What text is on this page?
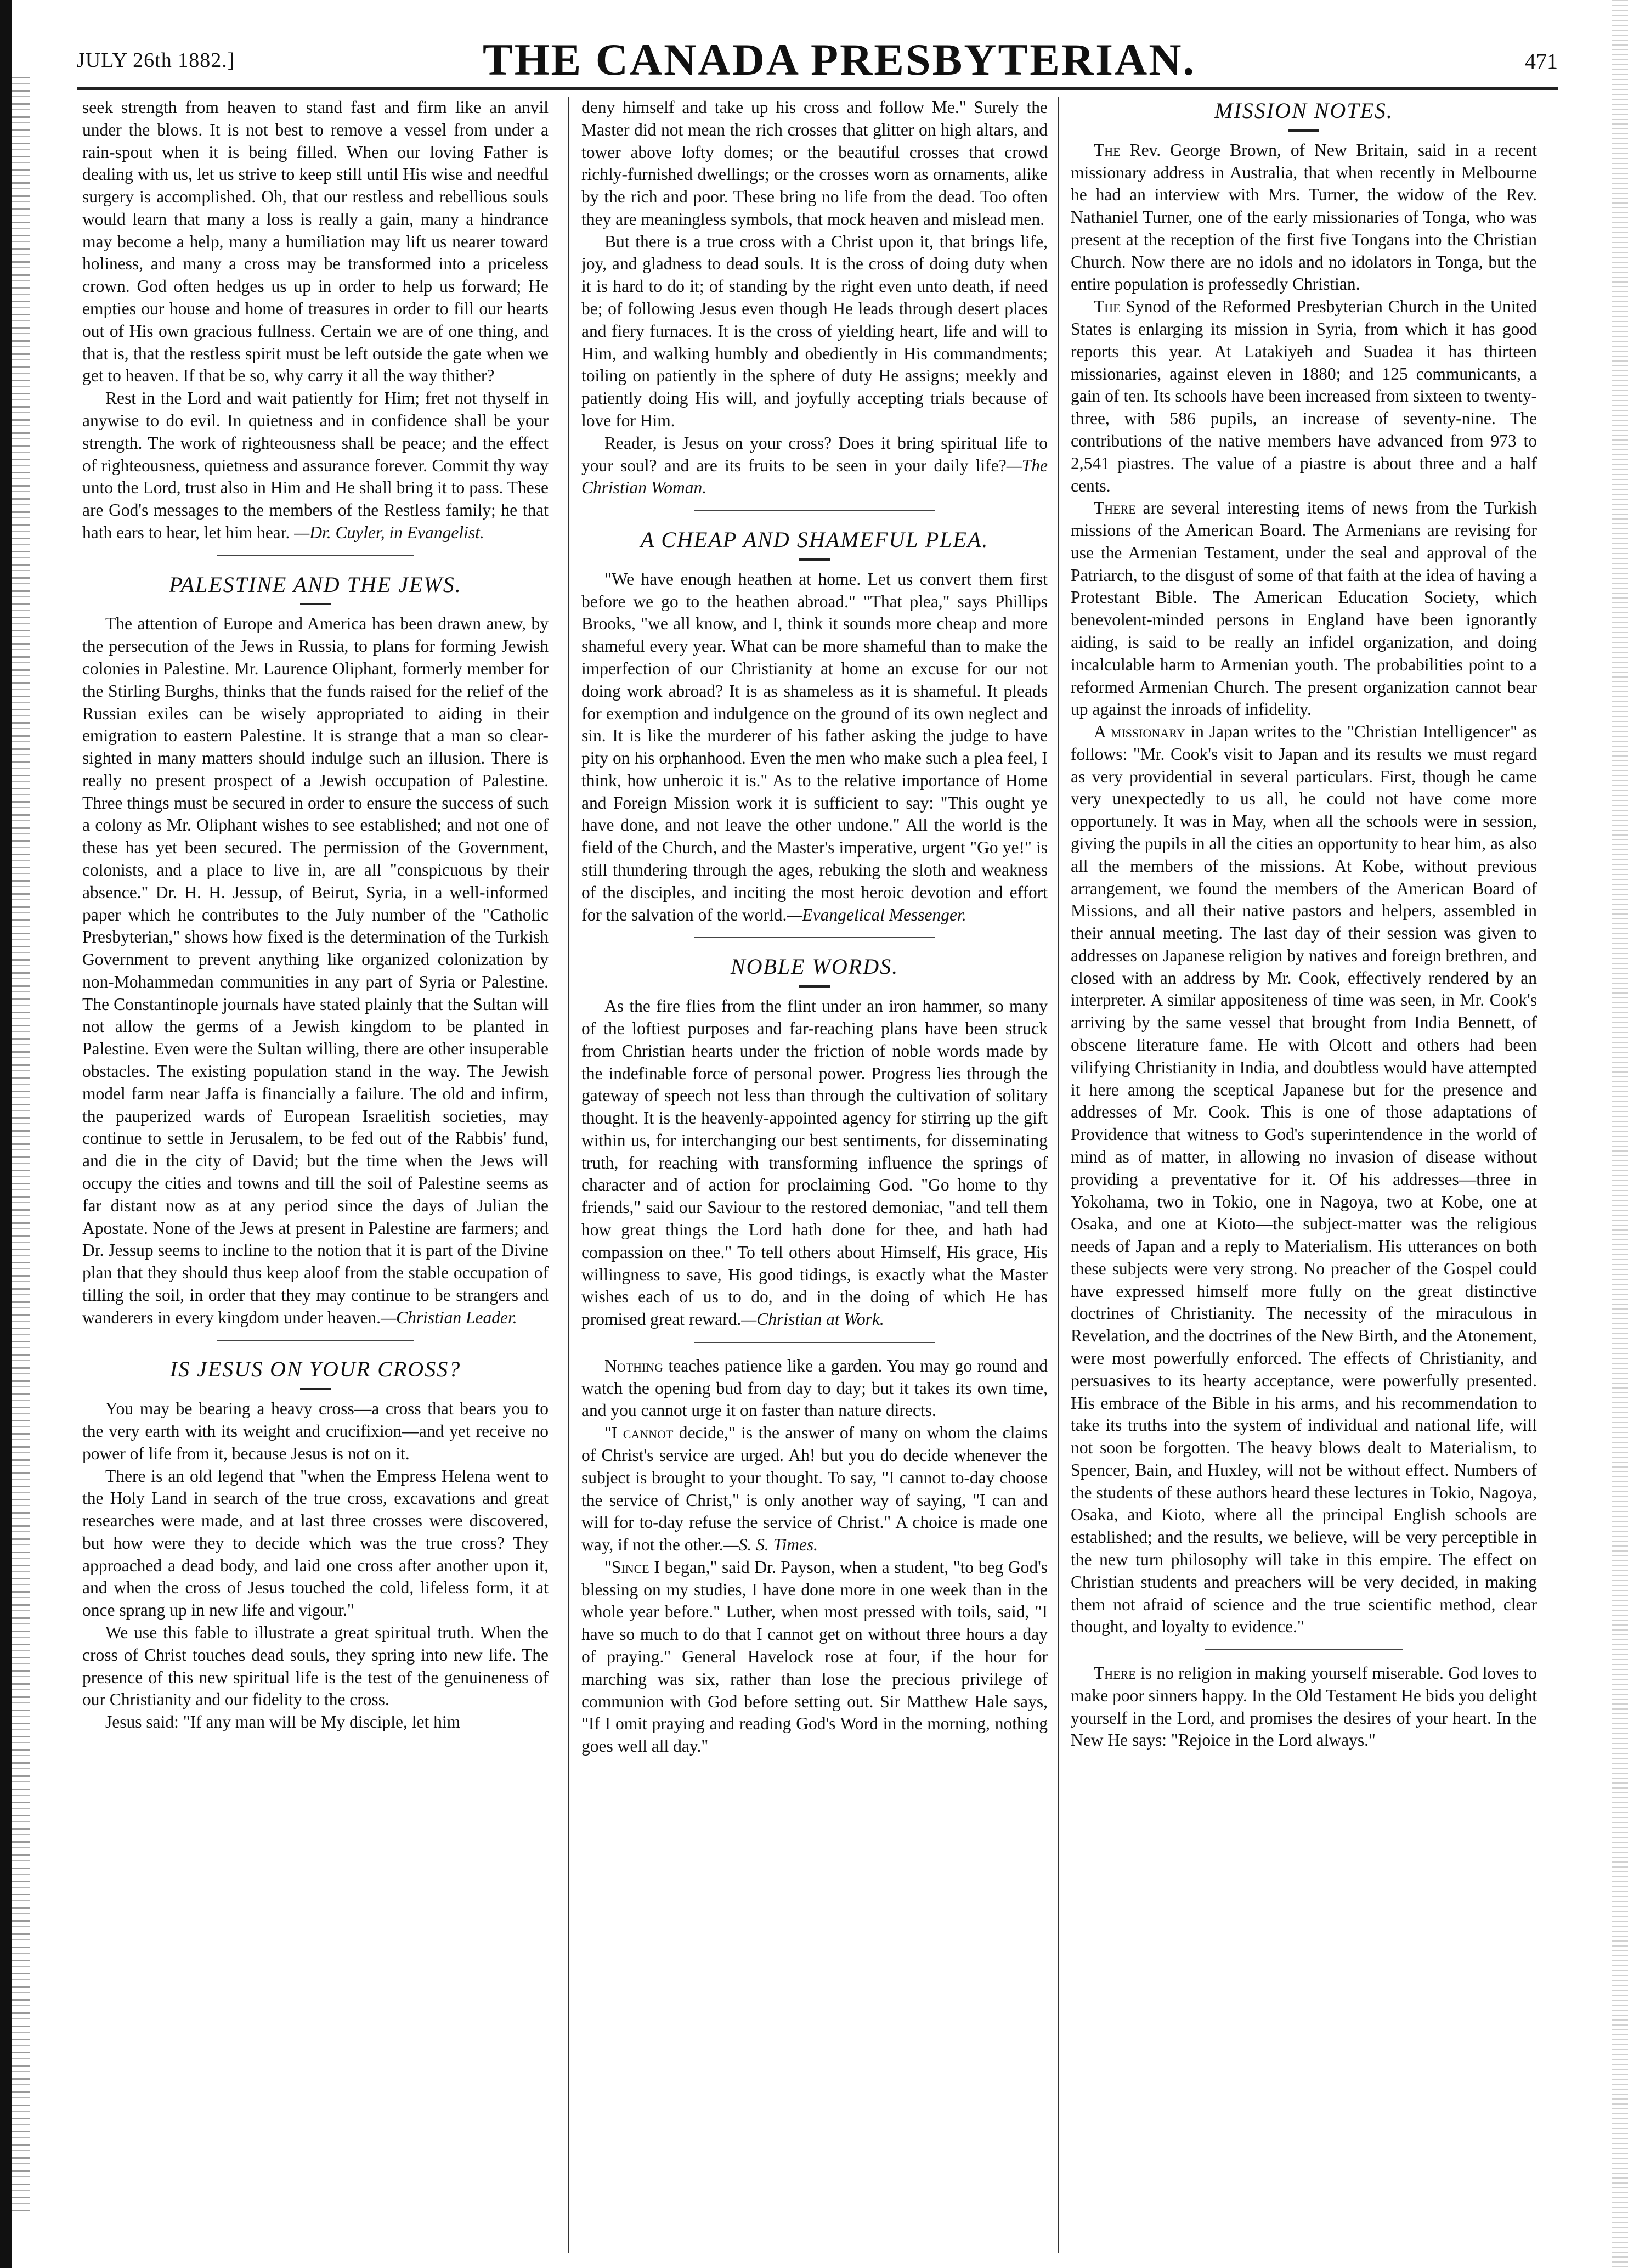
JULY 26th 1882.]	THE CANADA PRESBYTERIAN.	471

seek strength from heaven to stand fast and firm like an anvil under the blows. It is not best to remove a vessel from under a rain-spout when it is being filled. When our loving Father is dealing with us, let us strive to keep still until His wise and needful surgery is accomplished. Oh, that our restless and rebellious souls would learn that many a loss is really a gain, many a hindrance may become a help, many a humiliation may lift us nearer toward holiness, and many a cross may be transformed into a priceless crown. God often hedges us up in order to help us forward; He empties our house and home of treasures in order to fill our hearts out of His own gracious fullness. Certain we are of one thing, and that is, that the restless spirit must be left outside the gate when we get to heaven. If that be so, why carry it all the way thither?

Rest in the Lord and wait patiently for Him; fret not thyself in anywise to do evil. In quietness and in confidence shall be your strength. The work of righteousness shall be peace; and the effect of righteousness, quietness and assurance forever. Commit thy way unto the Lord, trust also in Him and He shall bring it to pass. These are God's messages to the members of the Restless family; he that hath ears to hear, let him hear. —Dr. Cuyler, in Evangelist.

PALESTINE AND THE JEWS.

The attention of Europe and America has been drawn anew, by the persecution of the Jews in Russia, to plans for forming Jewish colonies in Palestine. Mr. Laurence Oliphant, formerly member for the Stirling Burghs, thinks that the funds raised for the relief of the Russian exiles can be wisely appropriated to aiding in their emigration to eastern Palestine. It is strange that a man so clear-sighted in many matters should indulge such an illusion. There is really no present prospect of a Jewish occupation of Palestine. Three things must be secured in order to ensure the success of such a colony as Mr. Oliphant wishes to see established; and not one of these has yet been secured. The permission of the Government, colonists, and a place to live in, are all "conspicuous by their absence." Dr. H. H. Jessup, of Beirut, Syria, in a well-informed paper which he contributes to the July number of the "Catholic Presbyterian," shows how fixed is the determination of the Turkish Government to prevent anything like organized colonization by non-Mohammedan communities in any part of Syria or Palestine. The Constantinople journals have stated plainly that the Sultan will not allow the germs of a Jewish kingdom to be planted in Palestine. Even were the Sultan willing, there are other insuperable obstacles. The existing population stand in the way. The Jewish model farm near Jaffa is financially a failure. The old and infirm, the pauperized wards of European Israelitish societies, may continue to settle in Jerusalem, to be fed out of the Rabbis' fund, and die in the city of David; but the time when the Jews will occupy the cities and towns and till the soil of Palestine seems as far distant now as at any period since the days of Julian the Apostate. None of the Jews at present in Palestine are farmers; and Dr. Jessup seems to incline to the notion that it is part of the Divine plan that they should thus keep aloof from the stable occupation of tilling the soil, in order that they may continue to be strangers and wanderers in every kingdom under heaven.—Christian Leader.

IS JESUS ON YOUR CROSS?

You may be bearing a heavy cross—a cross that bears you to the very earth with its weight and crucifixion—and yet receive no power of life from it, because Jesus is not on it.

There is an old legend that "when the Empress Helena went to the Holy Land in search of the true cross, excavations and great researches were made, and at last three crosses were discovered, but how were they to decide which was the true cross? They approached a dead body, and laid one cross after another upon it, and when the cross of Jesus touched the cold, lifeless form, it at once sprang up in new life and vigour."

We use this fable to illustrate a great spiritual truth. When the cross of Christ touches dead souls, they spring into new life. The presence of this new spiritual life is the test of the genuineness of our Christianity and our fidelity to the cross.

Jesus said: "If any man will be My disciple, let him

deny himself and take up his cross and follow Me." Surely the Master did not mean the rich crosses that glitter on high altars, and tower above lofty domes; or the beautiful crosses that crowd richly-furnished dwellings; or the crosses worn as ornaments, alike by the rich and poor. These bring no life from the dead. Too often they are meaningless symbols, that mock heaven and mislead men.

But there is a true cross with a Christ upon it, that brings life, joy, and gladness to dead souls. It is the cross of doing duty when it is hard to do it; of standing by the right even unto death, if need be; of following Jesus even though He leads through desert places and fiery furnaces. It is the cross of yielding heart, life and will to Him, and walking humbly and obediently in His commandments; toiling on patiently in the sphere of duty He assigns; meekly and patiently doing His will, and joyfully accepting trials because of love for Him.

Reader, is Jesus on your cross? Does it bring spiritual life to your soul? and are its fruits to be seen in your daily life?—The Christian Woman.

A CHEAP AND SHAMEFUL PLEA.

"We have enough heathen at home. Let us convert them first before we go to the heathen abroad." "That plea," says Phillips Brooks, "we all know, and I, think it sounds more cheap and more shameful every year. What can be more shameful than to make the imperfection of our Christianity at home an excuse for our not doing work abroad? It is as shameless as it is shameful. It pleads for exemption and indulgence on the ground of its own neglect and sin. It is like the murderer of his father asking the judge to have pity on his orphanhood. Even the men who make such a plea feel, I think, how unheroic it is." As to the relative importance of Home and Foreign Mission work it is sufficient to say: "This ought ye have done, and not leave the other undone." All the world is the field of the Church, and the Master's imperative, urgent "Go ye!" is still thundering through the ages, rebuking the sloth and weakness of the disciples, and inciting the most heroic devotion and effort for the salvation of the world.—Evangelical Messenger.

NOBLE WORDS.

As the fire flies from the flint under an iron hammer, so many of the loftiest purposes and far-reaching plans have been struck from Christian hearts under the friction of noble words made by the indefinable force of personal power. Progress lies through the gateway of speech not less than through the cultivation of solitary thought. It is the heavenly-appointed agency for stirring up the gift within us, for interchanging our best sentiments, for disseminating truth, for reaching with transforming influence the springs of character and of action for proclaiming God. "Go home to thy friends," said our Saviour to the restored demoniac, "and tell them how great things the Lord hath done for thee, and hath had compassion on thee." To tell others about Himself, His grace, His willingness to save, His good tidings, is exactly what the Master wishes each of us to do, and in the doing of which He has promised great reward.—Christian at Work.

Nothing teaches patience like a garden. You may go round and watch the opening bud from day to day; but it takes its own time, and you cannot urge it on faster than nature directs.

"I cannot decide," is the answer of many on whom the claims of Christ's service are urged. Ah! but you do decide whenever the subject is brought to your thought. To say, "I cannot to-day choose the service of Christ," is only another way of saying, "I can and will for to-day refuse the service of Christ." A choice is made one way, if not the other.—S. S. Times.

"Since I began," said Dr. Payson, when a student, "to beg God's blessing on my studies, I have done more in one week than in the whole year before." Luther, when most pressed with toils, said, "I have so much to do that I cannot get on without three hours a day of praying." General Havelock rose at four, if the hour for marching was six, rather than lose the precious privilege of communion with God before setting out. Sir Matthew Hale says, "If I omit praying and reading God's Word in the morning, nothing goes well all day."

MISSION NOTES.

The Rev. George Brown, of New Britain, said in a recent missionary address in Australia, that when recently in Melbourne he had an interview with Mrs. Turner, the widow of the Rev. Nathaniel Turner, one of the early missionaries of Tonga, who was present at the reception of the first five Tongans into the Christian Church. Now there are no idols and no idolators in Tonga, but the entire population is professedly Christian.

The Synod of the Reformed Presbyterian Church in the United States is enlarging its mission in Syria, from which it has good reports this year. At Latakiyeh and Suadea it has thirteen missionaries, against eleven in 1880; and 125 communicants, a gain of ten. Its schools have been increased from sixteen to twenty-three, with 586 pupils, an increase of seventy-nine. The contributions of the native members have advanced from 973 to 2,541 piastres. The value of a piastre is about three and a half cents.

There are several interesting items of news from the Turkish missions of the American Board. The Armenians are revising for use the Armenian Testament, under the seal and approval of the Patriarch, to the disgust of some of that faith at the idea of having a Protestant Bible. The American Education Society, which benevolent-minded persons in England have been ignorantly aiding, is said to be really an infidel organization, and doing incalculable harm to Armenian youth. The probabilities point to a reformed Armenian Church. The present organization cannot bear up against the inroads of infidelity.

A missionary in Japan writes to the "Christian Intelligencer" as follows: "Mr. Cook's visit to Japan and its results we must regard as very providential in several particulars. First, though he came very unexpectedly to us all, he could not have come more opportunely. It was in May, when all the schools were in session, giving the pupils in all the cities an opportunity to hear him, as also all the members of the missions. At Kobe, without previous arrangement, we found the members of the American Board of Missions, and all their native pastors and helpers, assembled in their annual meeting. The last day of their session was given to addresses on Japanese religion by natives and foreign brethren, and closed with an address by Mr. Cook, effectively rendered by an interpreter. A similar appositeness of time was seen, in Mr. Cook's arriving by the same vessel that brought from India Bennett, of obscene literature fame. He with Olcott and others had been vilifying Christianity in India, and doubtless would have attempted it here among the sceptical Japanese but for the presence and addresses of Mr. Cook. This is one of those adaptations of Providence that witness to God's superintendence in the world of mind as of matter, in allowing no invasion of disease without providing a preventative for it. Of his addresses—three in Yokohama, two in Tokio, one in Nagoya, two at Kobe, one at Osaka, and one at Kioto—the subject-matter was the religious needs of Japan and a reply to Materialism. His utterances on both these subjects were very strong. No preacher of the Gospel could have expressed himself more fully on the great distinctive doctrines of Christianity. The necessity of the miraculous in Revelation, and the doctrines of the New Birth, and the Atonement, were most powerfully enforced. The effects of Christianity, and persuasives to its hearty acceptance, were powerfully presented. His embrace of the Bible in his arms, and his recommendation to take its truths into the system of individual and national life, will not soon be forgotten. The heavy blows dealt to Materialism, to Spencer, Bain, and Huxley, will not be without effect. Numbers of the students of these authors heard these lectures in Tokio, Nagoya, Osaka, and Kioto, where all the principal English schools are established; and the results, we believe, will be very perceptible in the new turn philosophy will take in this empire. The effect on Christian students and preachers will be very decided, in making them not afraid of science and the true scientific method, clear thought, and loyalty to evidence."

There is no religion in making yourself miserable. God loves to make poor sinners happy. In the Old Testament He bids you delight yourself in the Lord, and promises the desires of your heart. In the New He says: "Rejoice in the Lord always."
